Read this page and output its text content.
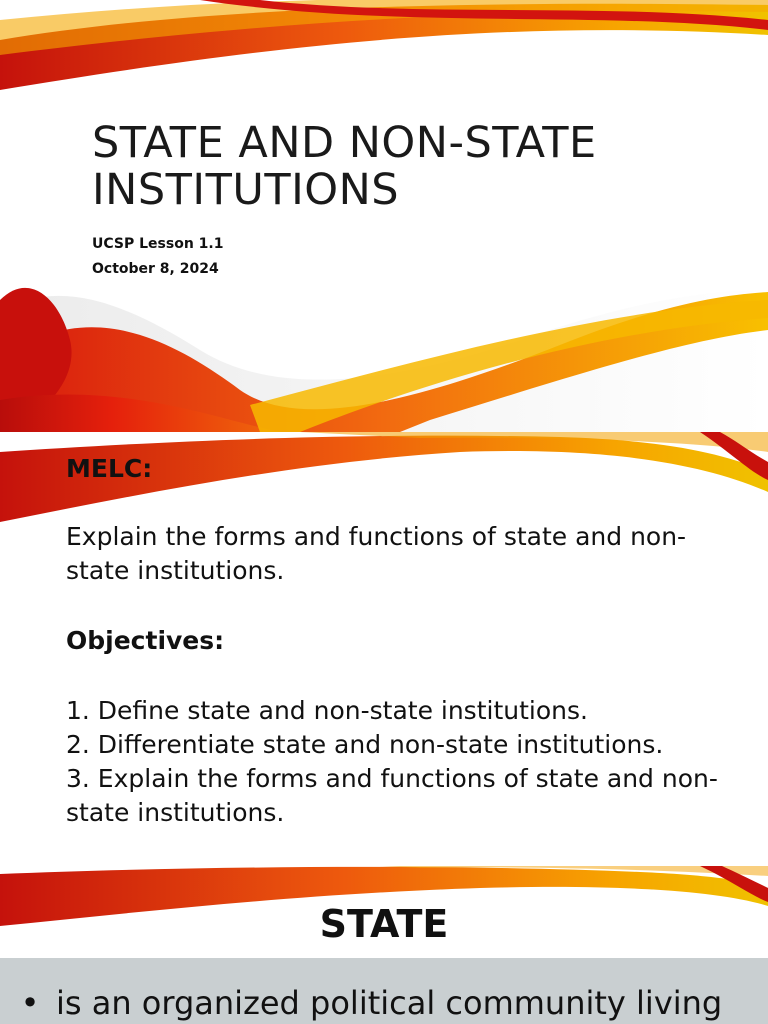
STATE AND NON-STATE INSTITUTIONS
UCSP Lesson 1.1
October 8, 2024
MELC:
Explain the forms and functions of state and non-state institutions.
Objectives:
1. Define state and non-state institutions.
2. Differentiate state and non-state institutions.
3. Explain the forms and functions of state and non-state institutions.
STATE
• is an organized political community living
